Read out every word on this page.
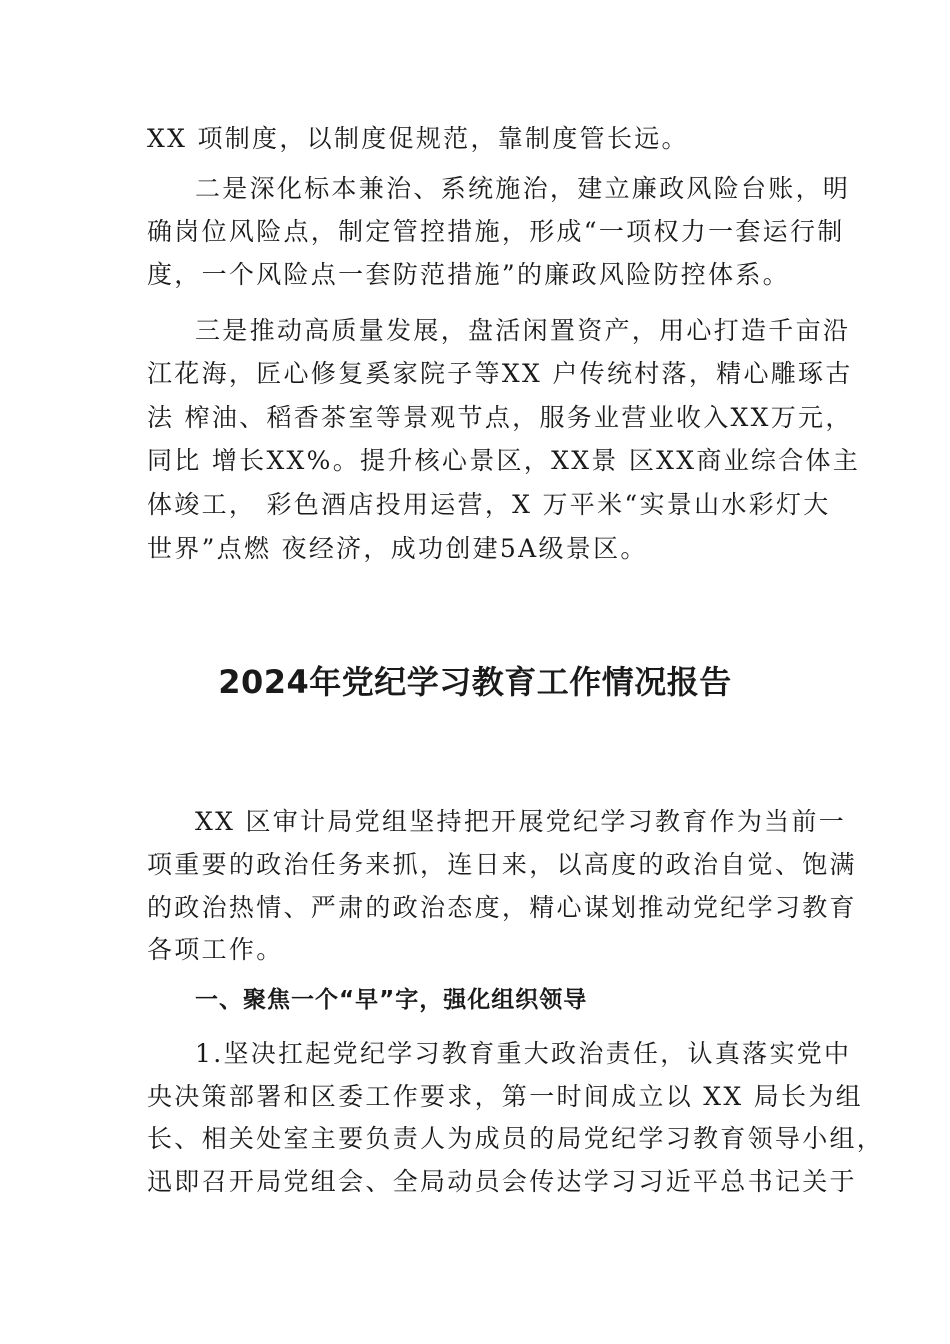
XX 项制度，以制度促规范，靠制度管长远。
二是深化标本兼治、系统施治，建立廉政风险台账，明
确岗位风险点，制定管控措施，形成“一项权力一套运行制
度，一个风险点一套防范措施”的廉政风险防控体系。
三是推动高质量发展，盘活闲置资产，用心打造千亩沿
江花海，匠心修复奚家院子等XX 户传统村落，精心雕琢古
法 榨油、稻香茶室等景观节点，服务业营业收入XX万元，
同比 增长XX%。提升核心景区，XX景 区XX商业综合体主
体竣工， 彩色酒店投用运营，X 万平米“实景山水彩灯大
世界”点燃 夜经济，成功创建5A级景区。
2024年党纪学习教育工作情况报告
XX 区审计局党组坚持把开展党纪学习教育作为当前一
项重要的政治任务来抓，连日来，以高度的政治自觉、饱满
的政治热情、严肃的政治态度，精心谋划推动党纪学习教育
各项工作。
一、聚焦一个“早”字，强化组织领导
1.坚决扛起党纪学习教育重大政治责任，认真落实党中
央决策部署和区委工作要求，第一时间成立以 XX 局长为组
长、相关处室主要负责人为成员的局党纪学习教育领导小组，
迅即召开局党组会、全局动员会传达学习习近平总书记关于
